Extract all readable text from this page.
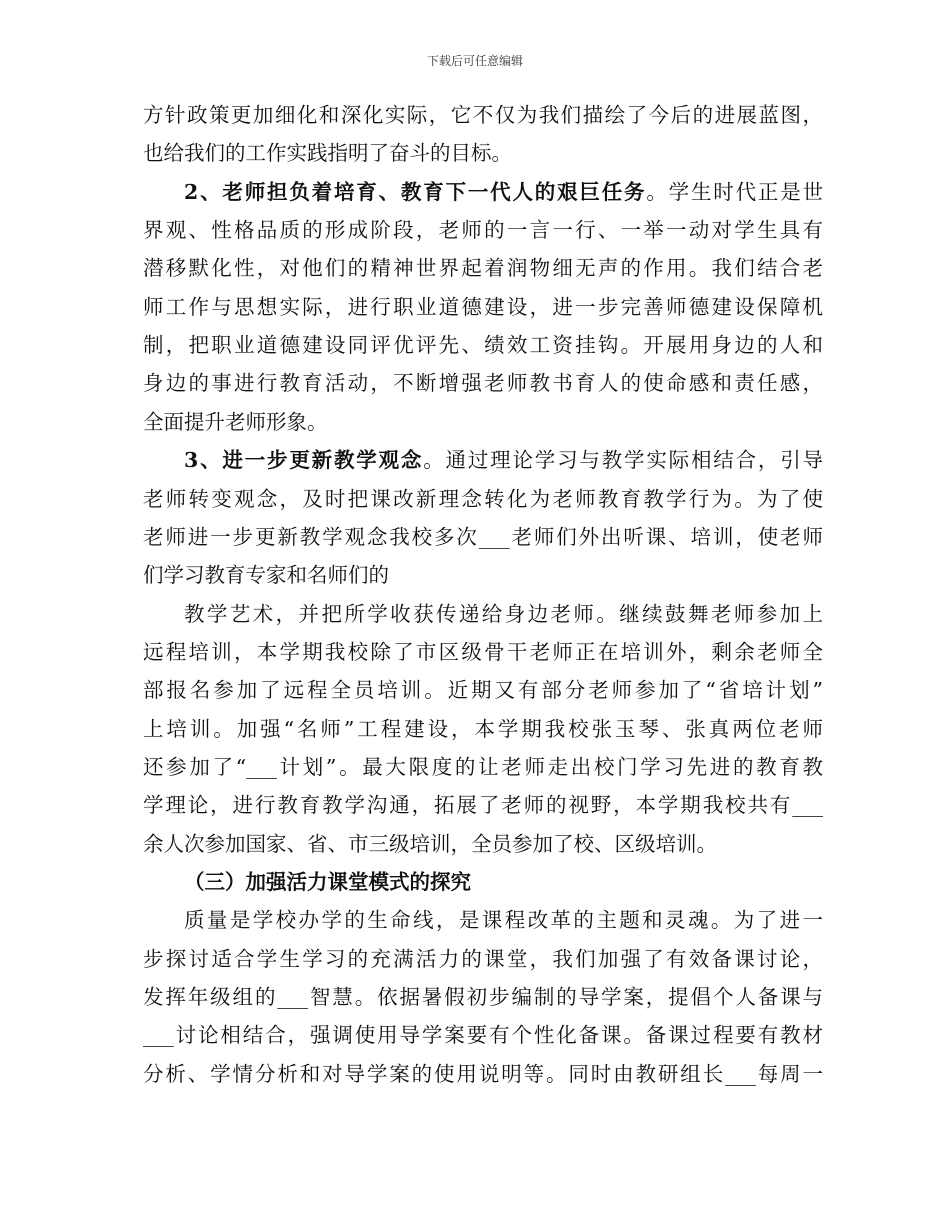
下载后可任意编辑
方针政策更加细化和深化实际，它不仅为我们描绘了今后的进展蓝图，
也给我们的工作实践指明了奋斗的目标。
2、老师担负着培育、教育下一代人的艰巨任务。学生时代正是世
界观、性格品质的形成阶段，老师的一言一行、一举一动对学生具有
潜移默化性，对他们的精神世界起着润物细无声的作用。我们结合老
师工作与思想实际，进行职业道德建设，进一步完善师德建设保障机
制，把职业道德建设同评优评先、绩效工资挂钩。开展用身边的人和
身边的事进行教育活动，不断增强老师教书育人的使命感和责任感，
全面提升老师形象。
3、进一步更新教学观念。通过理论学习与教学实际相结合，引导
老师转变观念，及时把课改新理念转化为老师教育教学行为。为了使
老师进一步更新教学观念我校多次___老师们外出听课、培训，使老师
们学习教育专家和名师们的
教学艺术，并把所学收获传递给身边老师。继续鼓舞老师参加上
远程培训，本学期我校除了市区级骨干老师正在培训外，剩余老师全
部报名参加了远程全员培训。近期又有部分老师参加了“省培计划”
上培训。加强“名师”工程建设，本学期我校张玉琴、张真两位老师
还参加了“___计划”。最大限度的让老师走出校门学习先进的教育教
学理论，进行教育教学沟通，拓展了老师的视野，本学期我校共有___
余人次参加国家、省、市三级培训，全员参加了校、区级培训。
（三）加强活力课堂模式的探究
质量是学校办学的生命线，是课程改革的主题和灵魂。为了进一
步探讨适合学生学习的充满活力的课堂，我们加强了有效备课讨论，
发挥年级组的___智慧。依据暑假初步编制的导学案，提倡个人备课与
___讨论相结合，强调使用导学案要有个性化备课。备课过程要有教材
分析、学情分析和对导学案的使用说明等。同时由教研组长___每周一
